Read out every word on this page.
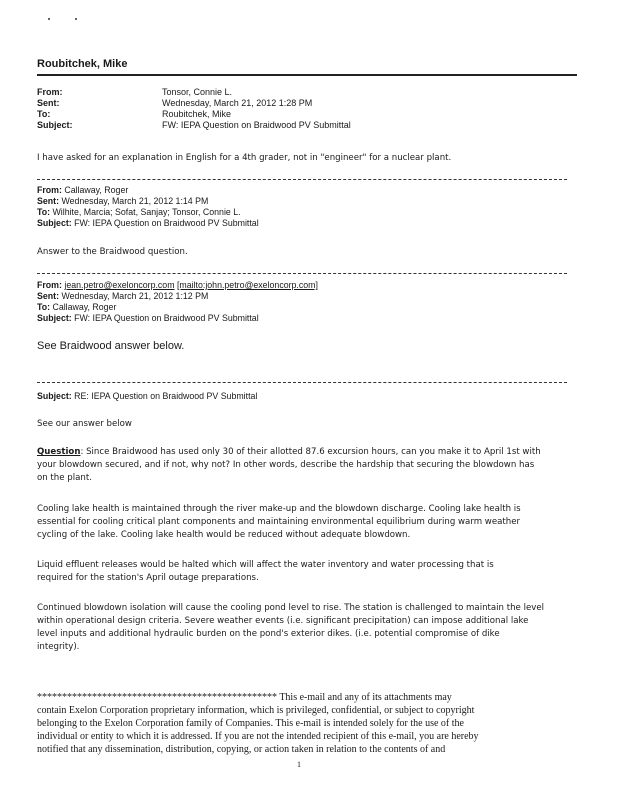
Roubitchek, Mike
From:	Tonsor, Connie L.
Sent:	Wednesday, March 21, 2012 1:28 PM
To:	Roubitchek, Mike
Subject:	FW: IEPA Question on Braidwood PV Submittal
I have asked for an explanation in English for a 4th grader, not in "engineer" for a nuclear plant.
From: Callaway, Roger
Sent: Wednesday, March 21, 2012 1:14 PM
To: Wilhite, Marcia; Sofat, Sanjay; Tonsor, Connie L.
Subject: FW: IEPA Question on Braidwood PV Submittal
Answer to the Braidwood question.
From: jean.petro@exeloncorp.com [mailto:john.petro@exeloncorp.com]
Sent: Wednesday, March 21, 2012 1:12 PM
To: Callaway, Roger
Subject: FW: IEPA Question on Braidwood PV Submittal
See Braidwood answer below.
Subject: RE: IEPA Question on Braidwood PV Submittal
See our answer below
Question: Since Braidwood has used only 30 of their allotted 87.6 excursion hours, can you make it to April 1st with
your blowdown secured, and if not, why not? In other words, describe the hardship that securing the blowdown has
on the plant.
Cooling lake health is maintained through the river make-up and the blowdown discharge. Cooling lake health is
essential for cooling critical plant components and maintaining environmental equilibrium during warm weather
cycling of the lake. Cooling lake health would be reduced without adequate blowdown.
Liquid effluent releases would be halted which will affect the water inventory and water processing that is
required for the station's April outage preparations.
Continued blowdown isolation will cause the cooling pond level to rise. The station is challenged to maintain the level
within operational design criteria. Severe weather events (i.e. significant precipitation) can impose additional lake
level inputs and additional hydraulic burden on the pond's exterior dikes. (i.e. potential compromise of dike
integrity).
************************************************ This e-mail and any of its attachments may
contain Exelon Corporation proprietary information, which is privileged, confidential, or subject to copyright
belonging to the Exelon Corporation family of Companies. This e-mail is intended solely for the use of the
individual or entity to which it is addressed. If you are not the intended recipient of this e-mail, you are hereby
notified that any dissemination, distribution, copying, or action taken in relation to the contents of and
1
